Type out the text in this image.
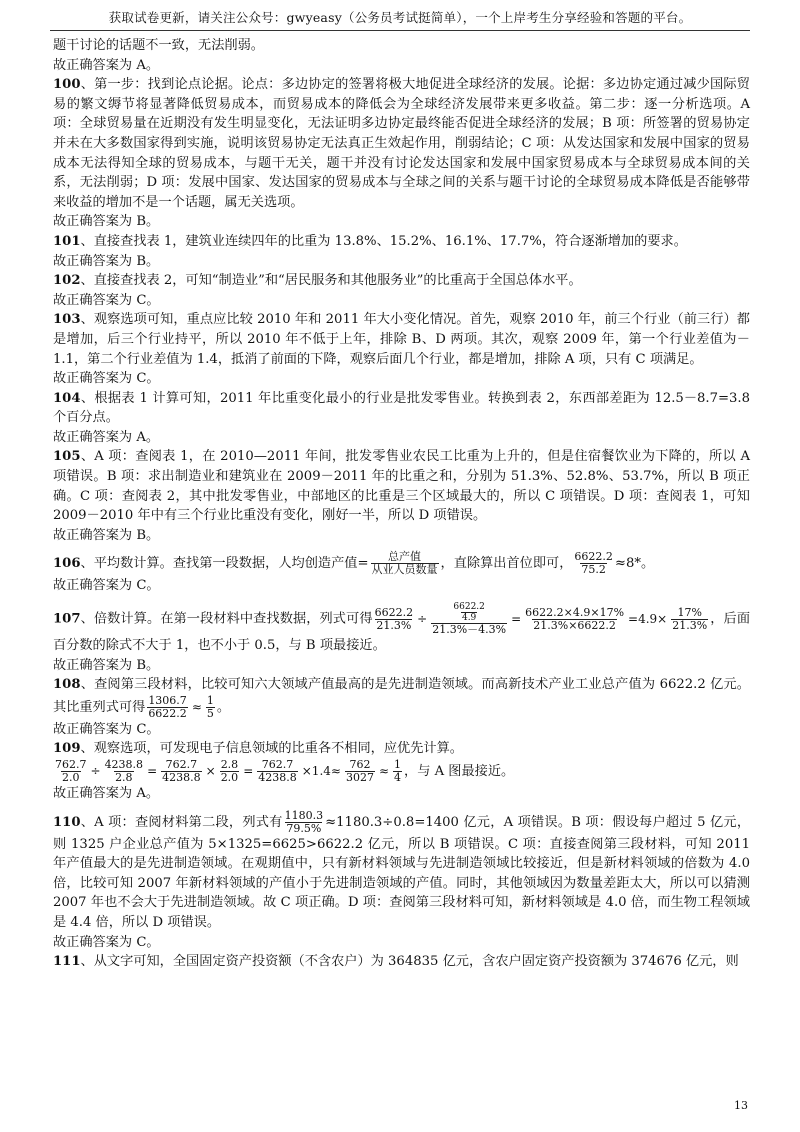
获取试卷更新，请关注公众号：gwyeasy（公务员考试挺简单），一个上岸考生分享经验和答题的平台。

题干讨论的话题不一致，无法削弱。

故正确答案为 A。

100、第一步：找到论点论据。论点：多边协定的签署将极大地促进全球经济的发展。论据：多边协定通过减少国际贸易的繁文缛节将显著降低贸易成本，而贸易成本的降低会为全球经济发展带来更多收益。第二步：逐一分析选项。A 项：全球贸易量在近期没有发生明显变化，无法证明多边协定最终能否促进全球经济的发展；B 项：所签署的贸易协定并未在大多数国家得到实施，说明该贸易协定无法真正生效起作用，削弱结论；C 项：从发达国家和发展中国家的贸易成本无法得知全球的贸易成本，与题干无关，题干并没有讨论发达国家和发展中国家贸易成本与全球贸易成本间的关系，无法削弱；D 项：发展中国家、发达国家的贸易成本与全球之间的关系与题干讨论的全球贸易成本降低是否能够带来收益的增加不是一个话题，属无关选项。

故正确答案为 B。

101、直接查找表 1，建筑业连续四年的比重为 13.8%、15.2%、16.1%、17.7%，符合逐渐增加的要求。

故正确答案为 B。

102、直接查找表 2，可知“制造业”和“居民服务和其他服务业”的比重高于全国总体水平。

故正确答案为 C。

103、观察选项可知，重点应比较 2010 年和 2011 年大小变化情况。首先，观察 2010 年，前三个行业（前三行）都是增加，后三个行业持平，所以 2010 年不低于上年，排除 B、D 两项。其次，观察 2009 年，第一个行业差值为－1.1，第二个行业差值为 1.4，抵消了前面的下降，观察后面几个行业，都是增加，排除 A 项，只有 C 项满足。

故正确答案为 C。

104、根据表 1 计算可知，2011 年比重变化最小的行业是批发零售业。转换到表 2，东西部差距为 12.5－8.7=3.8 个百分点。

故正确答案为 A。

105、A 项：查阅表 1，在 2010—2011 年间，批发零售业农民工比重为上升的，但是住宿餐饮业为下降的，所以 A 项错误。B 项：求出制造业和建筑业在 2009－2011 年的比重之和，分别为 51.3%、52.8%、53.7%，所以 B 项正确。C 项：查阅表 2，其中批发零售业，中部地区的比重是三个区域最大的，所以 C 项错误。D 项：查阅表 1，可知 2009－2010 年中有三个行业比重没有变化，刚好一半，所以 D 项错误。

故正确答案为 B。

106、平均数计算。查找第一段数据，人均创造产值= $\frac{\text{总产值}}{\text{从业人员数量}}$ ，直除算出首位即可， $\frac{6622.2}{75.2} \approx 8*$。

故正确答案为 C。

107、倍数计算。在第一段材料中查找数据，列式可得 $\frac{6622.2}{21.3\%} \div \frac{\frac{6622.2}{4.9}}{21.3\%-4.3\%} = \frac{6622.2\times 4.9\times 17\%}{21.3\%\times 6622.2} =4.9\times \frac{17\%}{21.3\%}$ ，后面百分数的除式不大于 1，也不小于 0.5，与 B 项最接近。

故正确答案为 B。

108、查阅第三段材料，比较可知六大领域产值最高的是先进制造领域。而高新技术产业工业总产值为 6622.2 亿元。其比重列式可得 $\frac{1306.7}{6622.2} \approx \frac{1}{5}$ 。

故正确答案为 C。

109、观察选项，可发现电子信息领域的比重各不相同，应优先计算。

$\frac{762.7}{2.0} \div \frac{4238.8}{2.8} = \frac{762.7}{4238.8} \times \frac{2.8}{2.0} = \frac{762.7}{4238.8} \times 1.4\approx \frac{762}{3027} \approx \frac{1}{4}$ ，与 A 图最接近。

故正确答案为 A。

110、A 项：查阅材料第二段，列式有 $\frac{1180.3}{79.5\%} \approx 1180.3\div 0.8=1400$ 亿元，A 项错误。B 项：假设每户超过 5 亿元，则 1325 户企业总产值为 5×1325=6625>6622.2 亿元，所以 B 项错误。C 项：直接查阅第三段材料，可知 2011 年产值最大的是先进制造领域。在观期值中，只有新材料领域与先进制造领域比较接近，但是新材料领域的倍数为 4.0 倍，比较可知 2007 年新材料领域的产值小于先进制造领域的产值。同时，其他领域因为数量差距太大，所以可以猜测 2007 年也不会大于先进制造领域。故 C 项正确。D 项：查阅第三段材料可知，新材料领域是 4.0 倍，而生物工程领域是 4.4 倍，所以 D 项错误。

故正确答案为 C。

111、从文字可知，全国固定资产投资额（不含农户）为 364835 亿元，含农户固定资产投资额为 374676 亿元，则

13
